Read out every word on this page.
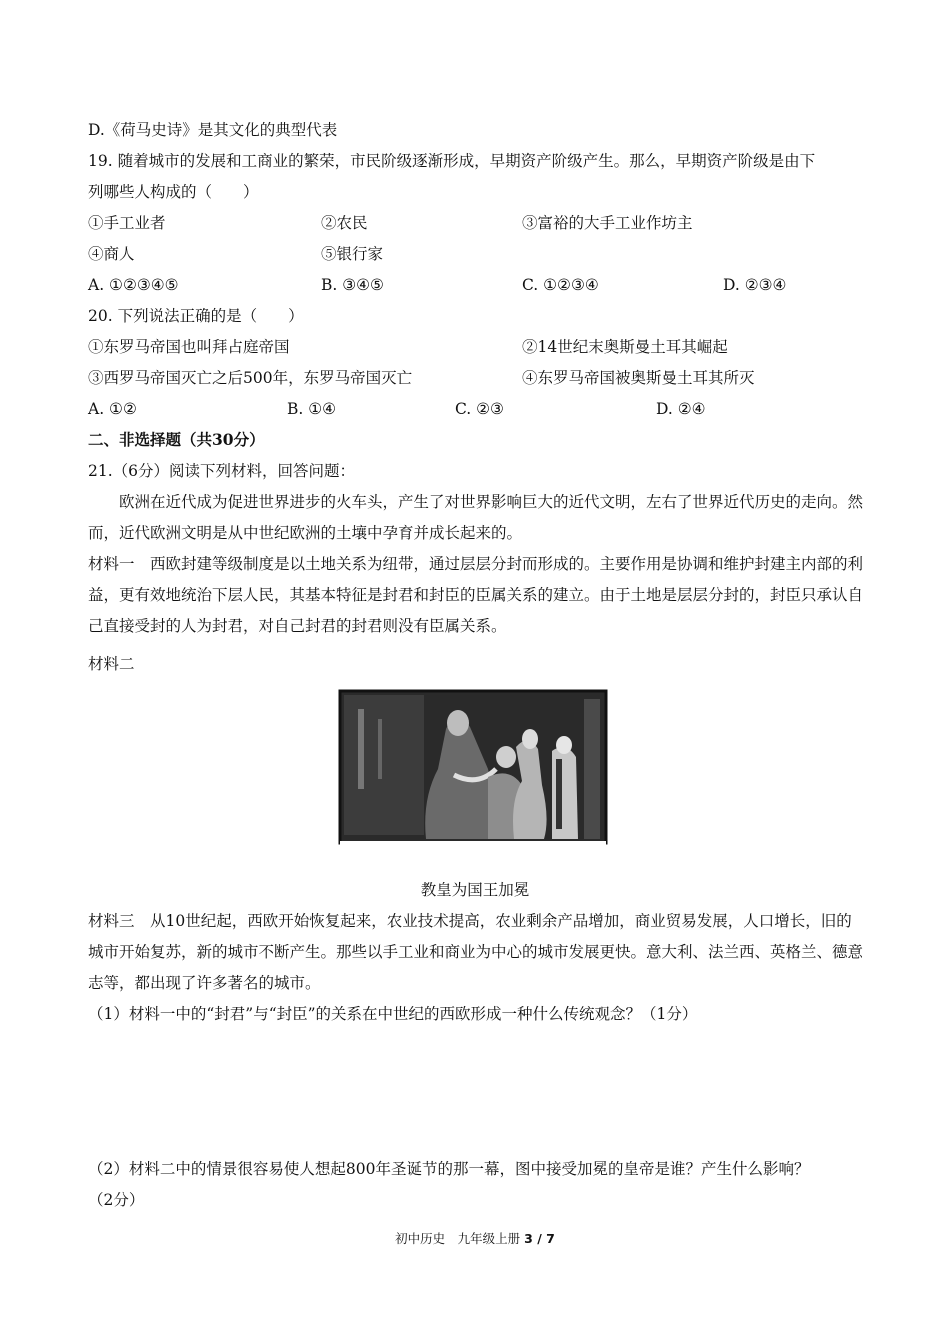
D.《荷马史诗》是其文化的典型代表
19. 随着城市的发展和工商业的繁荣，市民阶级逐渐形成，早期资产阶级产生。那么，早期资产阶级是由下
列哪些人构成的（　　）
①手工业者	②农民	③富裕的大手工业作坊主
④商人	⑤银行家
A. ①②③④⑤	B. ③④⑤	C. ①②③④	D. ②③④
20. 下列说法正确的是（　　）
①东罗马帝国也叫拜占庭帝国	②14世纪末奥斯曼土耳其崛起
③西罗马帝国灭亡之后500年，东罗马帝国灭亡	④东罗马帝国被奥斯曼土耳其所灭
A. ①②	B. ①④	C. ②③	D. ②④
二、非选择题（共30分）
21.（6分）阅读下列材料，回答问题：
欧洲在近代成为促进世界进步的火车头，产生了对世界影响巨大的近代文明，左右了世界近代历史的走向。然而，近代欧洲文明是从中世纪欧洲的土壤中孕育并成长起来的。
材料一　西欧封建等级制度是以土地关系为纽带，通过层层分封而形成的。主要作用是协调和维护封建主内部的利益，更有效地统治下层人民，其基本特征是封君和封臣的臣属关系的建立。由于土地是层层分封的，封臣只承认自己直接受封的人为封君，对自己封君的封君则没有臣属关系。
材料二
教皇为国王加冕
材料三　从10世纪起，西欧开始恢复起来，农业技术提高，农业剩余产品增加，商业贸易发展，人口增长，旧的城市开始复苏，新的城市不断产生。那些以手工业和商业为中心的城市发展更快。意大利、法兰西、英格兰、德意志等，都出现了许多著名的城市。
（1）材料一中的“封君”与“封臣”的关系在中世纪的西欧形成一种什么传统观念？（1分）
（2）材料二中的情景很容易使人想起800年圣诞节的那一幕，图中接受加冕的皇帝是谁？产生什么影响？
（2分）
初中历史　九年级上册 3 / 7
